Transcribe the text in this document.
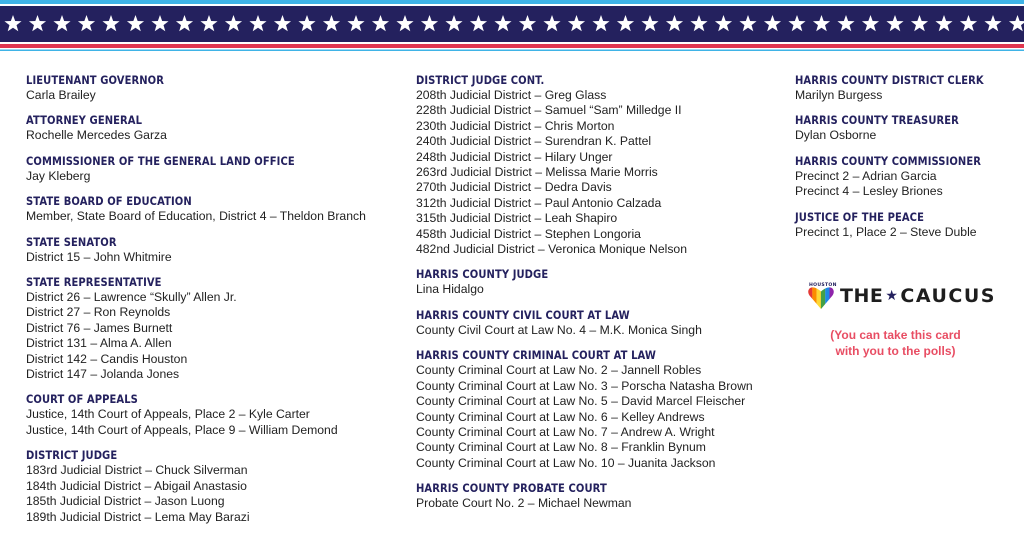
LIEUTENANT GOVERNOR
Carla Brailey
ATTORNEY GENERAL
Rochelle Mercedes Garza
COMMISSIONER OF THE GENERAL LAND OFFICE
Jay Kleberg
STATE BOARD OF EDUCATION
Member, State Board of Education, District 4 – Theldon Branch
STATE SENATOR
District 15 – John Whitmire
STATE REPRESENTATIVE
District 26 – Lawrence “Skully” Allen Jr.
District 27 – Ron Reynolds
District 76 – James Burnett
District 131 – Alma A. Allen
District 142 – Candis Houston
District 147 – Jolanda Jones
COURT OF APPEALS
Justice, 14th Court of Appeals, Place 2 – Kyle Carter
Justice, 14th Court of Appeals, Place 9 – William Demond
DISTRICT JUDGE
183rd Judicial District – Chuck Silverman
184th Judicial District – Abigail Anastasio
185th Judicial District – Jason Luong
189th Judicial District – Lema May Barazi
DISTRICT JUDGE CONT.
208th Judicial District – Greg Glass
228th Judicial District – Samuel “Sam” Milledge II
230th Judicial District – Chris Morton
240th Judicial District – Surendran K. Pattel
248th Judicial District – Hilary Unger
263rd Judicial District – Melissa Marie Morris
270th Judicial District – Dedra Davis
312th Judicial District – Paul Antonio Calzada
315th Judicial District – Leah Shapiro
458th Judicial District – Stephen Longoria
482nd Judicial District – Veronica Monique Nelson
HARRIS COUNTY JUDGE
Lina Hidalgo
HARRIS COUNTY CIVIL COURT AT LAW
County Civil Court at Law No. 4 – M.K. Monica Singh
HARRIS COUNTY CRIMINAL COURT AT LAW
County Criminal Court at Law No. 2 – Jannell Robles
County Criminal Court at Law No. 3 – Porscha Natasha Brown
County Criminal Court at Law No. 5 – David Marcel Fleischer
County Criminal Court at Law No. 6 – Kelley Andrews
County Criminal Court at Law No. 7 – Andrew A. Wright
County Criminal Court at Law No. 8 – Franklin Bynum
County Criminal Court at Law No. 10 – Juanita Jackson
HARRIS COUNTY PROBATE COURT
Probate Court No. 2 – Michael Newman
HARRIS COUNTY DISTRICT CLERK
Marilyn Burgess
HARRIS COUNTY TREASURER
Dylan Osborne
HARRIS COUNTY COMMISSIONER
Precinct 2 – Adrian Garcia
Precinct 4 – Lesley Briones
JUSTICE OF THE PEACE
Precinct 1, Place 2 – Steve Duble
HOUSTON THE ★ CAUCUS
(You can take this card
with you to the polls)
